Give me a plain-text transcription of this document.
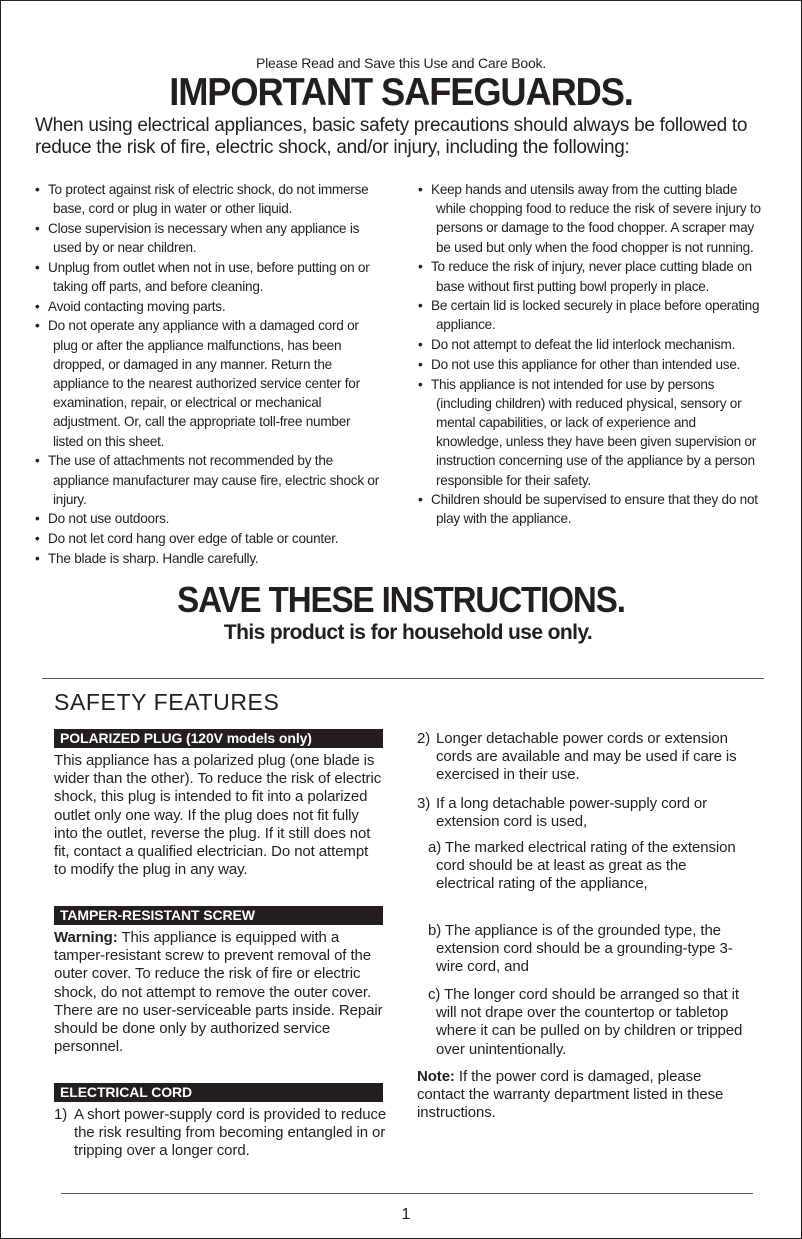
Please Read and Save this Use and Care Book.
IMPORTANT SAFEGUARDS.
When using electrical appliances, basic safety precautions should always be followed to reduce the risk of fire, electric shock, and/or injury, including the following:
• To protect against risk of electric shock, do not immerse base, cord or plug in water or other liquid.
• Close supervision is necessary when any appliance is used by or near children.
• Unplug from outlet when not in use, before putting on or taking off parts, and before cleaning.
• Avoid contacting moving parts.
• Do not operate any appliance with a damaged cord or plug or after the appliance malfunctions, has been dropped, or damaged in any manner. Return the appliance to the nearest authorized service center for examination, repair, or electrical or mechanical adjustment. Or, call the appropriate toll-free number listed on this sheet.
• The use of attachments not recommended by the appliance manufacturer may cause fire, electric shock or injury.
• Do not use outdoors.
• Do not let cord hang over edge of table or counter.
• The blade is sharp. Handle carefully.
• Keep hands and utensils away from the cutting blade while chopping food to reduce the risk of severe injury to persons or damage to the food chopper. A scraper may be used but only when the food chopper is not running.
• To reduce the risk of injury, never place cutting blade on base without first putting bowl properly in place.
• Be certain lid is locked securely in place before operating appliance.
• Do not attempt to defeat the lid interlock mechanism.
• Do not use this appliance for other than intended use.
• This appliance is not intended for use by persons (including children) with reduced physical, sensory or mental capabilities, or lack of experience and knowledge, unless they have been given supervision or instruction concerning use of the appliance by a person responsible for their safety.
• Children should be supervised to ensure that they do not play with the appliance.
SAVE THESE INSTRUCTIONS.
This product is for household use only.
SAFETY FEATURES
POLARIZED PLUG (120V models only)
This appliance has a polarized plug (one blade is wider than the other). To reduce the risk of electric shock, this plug is intended to fit into a polarized outlet only one way. If the plug does not fit fully into the outlet, reverse the plug. If it still does not fit, contact a qualified electrician. Do not attempt to modify the plug in any way.
TAMPER-RESISTANT SCREW
Warning: This appliance is equipped with a tamper-resistant screw to prevent removal of the outer cover. To reduce the risk of fire or electric shock, do not attempt to remove the outer cover. There are no user-serviceable parts inside. Repair should be done only by authorized service personnel.
ELECTRICAL CORD
1) A short power-supply cord is provided to reduce the risk resulting from becoming entangled in or tripping over a longer cord.
2) Longer detachable power cords or extension cords are available and may be used if care is exercised in their use.
3) If a long detachable power-supply cord or extension cord is used,
a) The marked electrical rating of the extension cord should be at least as great as the electrical rating of the appliance,
b) The appliance is of the grounded type, the extension cord should be a grounding-type 3-wire cord, and
c) The longer cord should be arranged so that it will not drape over the countertop or tabletop where it can be pulled on by children or tripped over unintentionally.
Note: If the power cord is damaged, please contact the warranty department listed in these instructions.
1
